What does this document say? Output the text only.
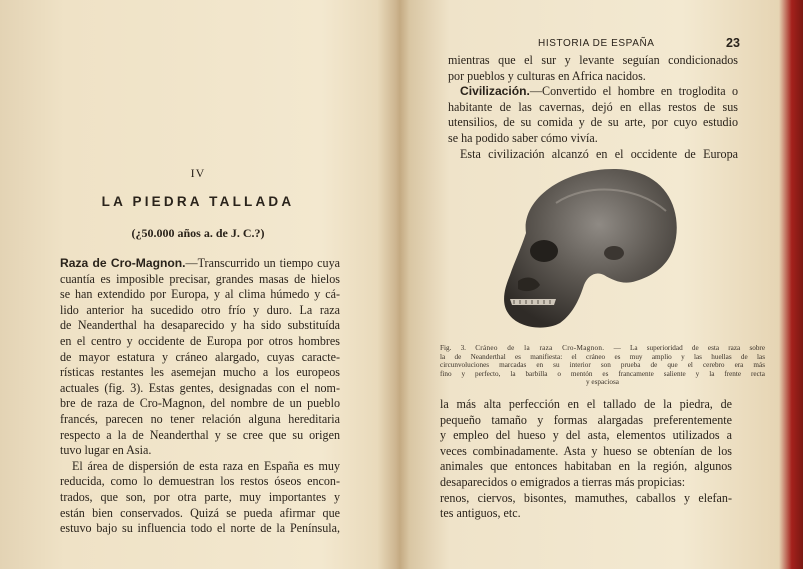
IV
LA PIEDRA TALLADA
(¿50.000 años a. de J. C.?)
Raza de Cro-Magnon.—Transcurrido un tiempo cuya
cuantía es imposible precisar, grandes masas de hielos
se han extendido por Europa, y al clima húmedo y cá-
lido anterior ha sucedido otro frío y duro. La raza
de Neanderthal ha desaparecido y ha sido substituída
en el centro y occidente de Europa por otros hombres
de mayor estatura y cráneo alargado, cuyas caracte-
rísticas restantes les asemejan mucho a los europeos
actuales (fig. 3). Estas gentes, designadas con el nom-
bre de raza de Cro-Magnon, del nombre de un pueblo
francés, parecen no tener relación alguna hereditaria
respecto a la de Neanderthal y se cree que su origen
tuvo lugar en Asia.
El área de dispersión de esta raza en España es muy
reducida, como lo demuestran los restos óseos encon-
trados, que son, por otra parte, muy importantes y
están bien conservados. Quizá se pueda afirmar que
estuvo bajo su influencia todo el norte de la Península,
HISTORIA DE ESPAÑA	23
mientras que el sur y levante seguían condicionados
por pueblos y culturas en Africa nacidos.
Civilización.—Convertido el hombre en troglodita o
habitante de las cavernas, dejó en ellas restos de sus
utensilios, de su comida y de su arte, por cuyo estudio
se ha podido saber cómo vivía.
Esta civilización alcanzó en el occidente de Europa
la más alta perfección en el tallado de la piedra, de
pequeño tamaño y formas alargadas preferentemente
y empleo del hueso y del asta, elementos utilizados a
veces combinadamente. Asta y hueso se obtenían de los
animales que entonces habitaban en la región, algunos
desaparecidos o emigrados a tierras más propicias:
renos, ciervos, bisontes, mamuthes, caballos y elefan-
tes antiguos, etc.
Fig. 3. Cráneo de la raza Cro-Magnon. — La superioridad de esta raza sobre
la de Neanderthal es manifiesta: el cráneo es muy amplio y las huellas de las
circunvoluciones marcadas en su interior son prueba de que el cerebro era más
fino y perfecto, la barbilla o mentón es francamente saliente y la frente recta
y espaciosa
